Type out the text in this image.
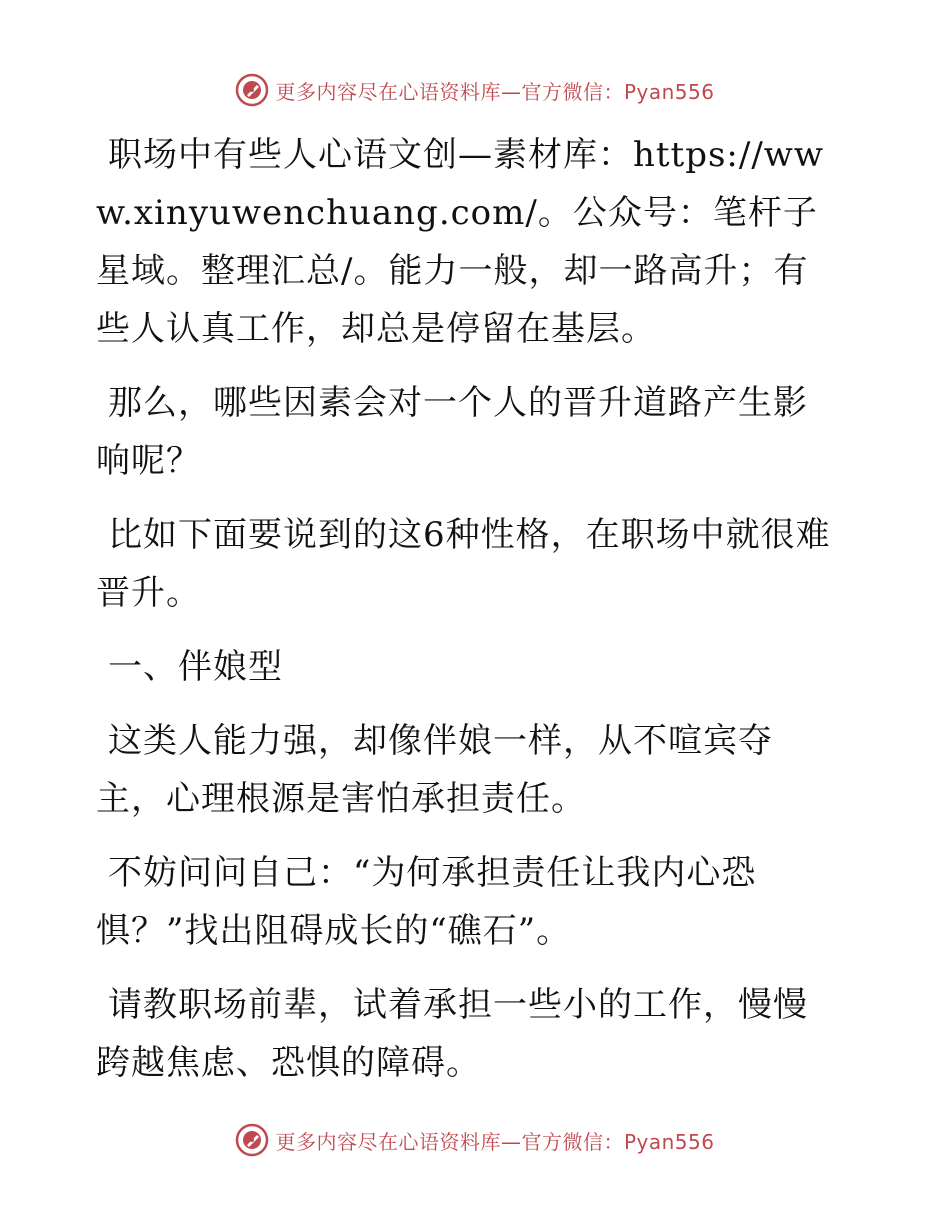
更多内容尽在心语资料库—官方微信：Pyan556

职场中有些人心语文创—素材库：https://www.xinyuwenchuang.com/。公众号：笔杆子星域。整理汇总/。能力一般，却一路高升；有些人认真工作，却总是停留在基层。

那么，哪些因素会对一个人的晋升道路产生影响呢？

比如下面要说到的这6种性格，在职场中就很难晋升。

一、伴娘型

这类人能力强，却像伴娘一样，从不喧宾夺主，心理根源是害怕承担责任。

不妨问问自己：“为何承担责任让我内心恐惧？”找出阻碍成长的“礁石”。

请教职场前辈，试着承担一些小的工作，慢慢跨越焦虑、恐惧的障碍。

更多内容尽在心语资料库—官方微信：Pyan556
